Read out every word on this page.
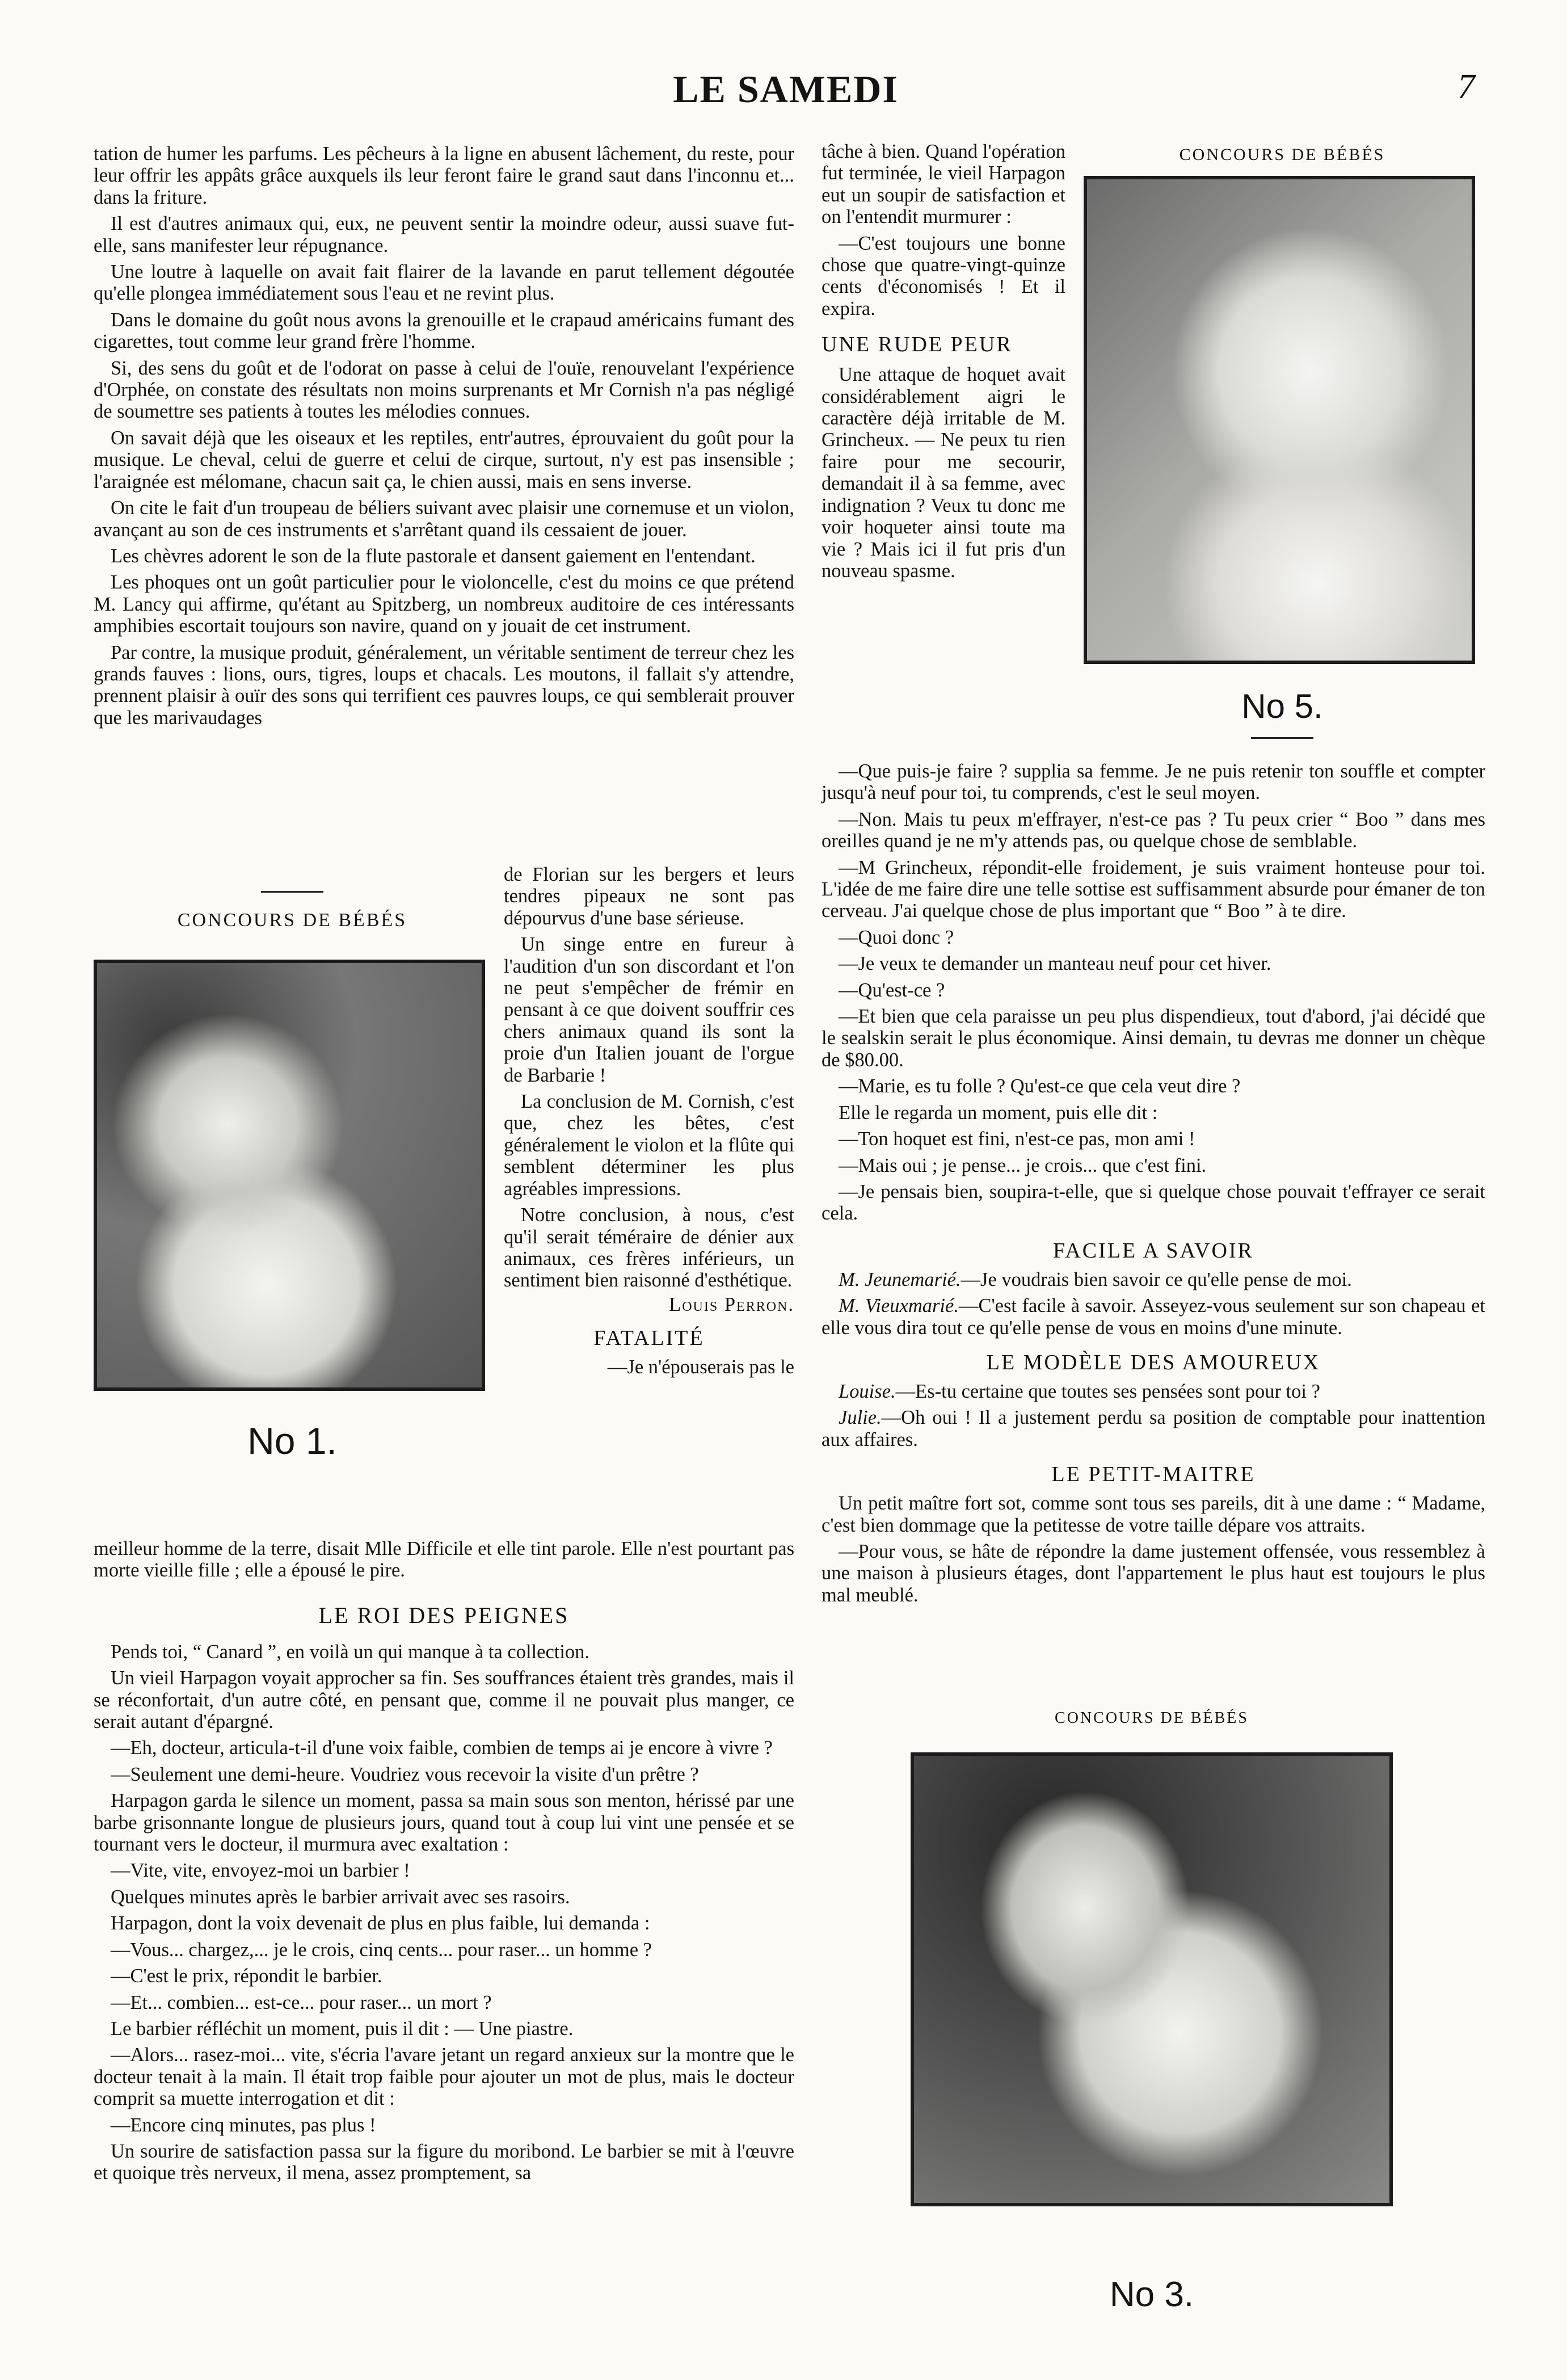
LE SAMEDI	7

tation de humer les parfums. Les pêcheurs à la ligne en abusent lâchement, du reste, pour leur offrir les appâts grâce auxquels ils leur feront faire le grand saut dans l'inconnu et... dans la friture.

Il est d'autres animaux qui, eux, ne peuvent sentir la moindre odeur, aussi suave fut-elle, sans manifester leur répugnance.

Une loutre à laquelle on avait fait flairer de la lavande en parut tellement dégoutée qu'elle plongea immédiatement sous l'eau et ne revint plus.

Dans le domaine du goût nous avons la grenouille et le crapaud américains fumant des cigarettes, tout comme leur grand frère l'homme.

Si, des sens du goût et de l'odorat on passe à celui de l'ouïe, renouvelant l'expérience d'Orphée, on constate des résultats non moins surprenants et Mr Cornish n'a pas négligé de soumettre ses patients à toutes les mélodies connues.

On savait déjà que les oiseaux et les reptiles, entr'autres, éprouvaient du goût pour la musique. Le cheval, celui de guerre et celui de cirque, surtout, n'y est pas insensible ; l'araignée est mélomane, chacun sait ça, le chien aussi, mais en sens inverse.

On cite le fait d'un troupeau de béliers suivant avec plaisir une cornemuse et un violon, avançant au son de ces instruments et s'arrêtant quand ils cessaient de jouer.

Les chèvres adorent le son de la flute pastorale et dansent gaiement en l'entendant.

Les phoques ont un goût particulier pour le violoncelle, c'est du moins ce que prétend M. Lancy qui affirme, qu'étant au Spitzberg, un nombreux auditoire de ces intéressants amphibies escortait toujours son navire, quand on y jouait de cet instrument.

Par contre, la musique produit, généralement, un véritable sentiment de terreur chez les grands fauves : lions, ours, tigres, loups et chacals. Les moutons, il fallait s'y attendre, prennent plaisir à ouïr des sons qui terrifient ces pauvres loups, ce qui semblerait prouver que les marivaudages

CONCOURS DE BÉBÉS
No 1.

de Florian sur les bergers et leurs tendres pipeaux ne sont pas dépourvus d'une base sérieuse.

Un singe entre en fureur à l'audition d'un son discordant et l'on ne peut s'empêcher de frémir en pensant à ce que doivent souffrir ces chers animaux quand ils sont la proie d'un Italien jouant de l'orgue de Barbarie !

La conclusion de M. Cornish, c'est que, chez les bêtes, c'est généralement le violon et la flûte qui semblent déterminer les plus agréables impressions.

Notre conclusion, à nous, c'est qu'il serait téméraire de dénier aux animaux, ces frères inférieurs, un sentiment bien raisonné d'esthétique.

Louis Perron.

FATALITÉ

—Je n'épouserais pas le

meilleur homme de la terre, disait Mlle Difficile et elle tint parole. Elle n'est pourtant pas morte vieille fille ; elle a épousé le pire.

LE ROI DES PEIGNES

Pends toi, “ Canard ”, en voilà un qui manque à ta collection.

Un vieil Harpagon voyait approcher sa fin. Ses souffrances étaient très grandes, mais il se réconfortait, d'un autre côté, en pensant que, comme il ne pouvait plus manger, ce serait autant d'épargné.

—Eh, docteur, articula-t-il d'une voix faible, combien de temps ai je encore à vivre ?

—Seulement une demi-heure. Voudriez vous recevoir la visite d'un prêtre ?

Harpagon garda le silence un moment, passa sa main sous son menton, hérissé par une barbe grisonnante longue de plusieurs jours, quand tout à coup lui vint une pensée et se tournant vers le docteur, il murmura avec exaltation :

—Vite, vite, envoyez-moi un barbier !

Quelques minutes après le barbier arrivait avec ses rasoirs.

Harpagon, dont la voix devenait de plus en plus faible, lui demanda :

—Vous... chargez,... je le crois, cinq cents... pour raser... un homme ?

—C'est le prix, répondit le barbier.

—Et... combien... est-ce... pour raser... un mort ?

Le barbier réfléchit un moment, puis il dit : — Une piastre.

—Alors... rasez-moi... vite, s'écria l'avare jetant un regard anxieux sur la montre que le docteur tenait à la main. Il était trop faible pour ajouter un mot de plus, mais le docteur comprit sa muette interrogation et dit :

—Encore cinq minutes, pas plus !

Un sourire de satisfaction passa sur la figure du moribond. Le barbier se mit à l'œuvre et quoique très nerveux, il mena, assez promptement, sa

tâche à bien. Quand l'opération fut terminée, le vieil Harpagon eut un soupir de satisfaction et on l'entendit murmurer :

—C'est toujours une bonne chose que quatre-vingt-quinze cents d'économisés ! Et il expira.

UNE RUDE PEUR

Une attaque de hoquet avait considérablement aigri le caractère déjà irritable de M. Grincheux. — Ne peux tu rien faire pour me secourir, demandait il à sa femme, avec indignation ? Veux tu donc me voir hoqueter ainsi toute ma vie ? Mais ici il fut pris d'un nouveau spasme.

CONCOURS DE BÉBÉS
No 5.

—Que puis-je faire ? supplia sa femme. Je ne puis retenir ton souffle et compter jusqu'à neuf pour toi, tu comprends, c'est le seul moyen.

—Non. Mais tu peux m'effrayer, n'est-ce pas ? Tu peux crier “ Boo ” dans mes oreilles quand je ne m'y attends pas, ou quelque chose de semblable.

—M Grincheux, répondit-elle froidement, je suis vraiment honteuse pour toi. L'idée de me faire dire une telle sottise est suffisamment absurde pour émaner de ton cerveau. J'ai quelque chose de plus important que “ Boo ” à te dire.

—Quoi donc ?

—Je veux te demander un manteau neuf pour cet hiver.

—Qu'est-ce ?

—Et bien que cela paraisse un peu plus dispendieux, tout d'abord, j'ai décidé que le sealskin serait le plus économique. Ainsi demain, tu devras me donner un chèque de $80.00.

—Marie, es tu folle ? Qu'est-ce que cela veut dire ?

Elle le regarda un moment, puis elle dit :

—Ton hoquet est fini, n'est-ce pas, mon ami !

—Mais oui ; je pense... je crois... que c'est fini.

—Je pensais bien, soupira-t-elle, que si quelque chose pouvait t'effrayer ce serait cela.

FACILE A SAVOIR

M. Jeunemarié.—Je voudrais bien savoir ce qu'elle pense de moi.

M. Vieuxmarié.—C'est facile à savoir. Asseyez-vous seulement sur son chapeau et elle vous dira tout ce qu'elle pense de vous en moins d'une minute.

LE MODÈLE DES AMOUREUX

Louise.—Es-tu certaine que toutes ses pensées sont pour toi ?

Julie.—Oh oui ! Il a justement perdu sa position de comptable pour inattention aux affaires.

LE PETIT-MAITRE

Un petit maître fort sot, comme sont tous ses pareils, dit à une dame : “ Madame, c'est bien dommage que la petitesse de votre taille dépare vos attraits.

—Pour vous, se hâte de répondre la dame justement offensée, vous ressemblez à une maison à plusieurs étages, dont l'appartement le plus haut est toujours le plus mal meublé.

CONCOURS DE BÉBÉS
No 3.
